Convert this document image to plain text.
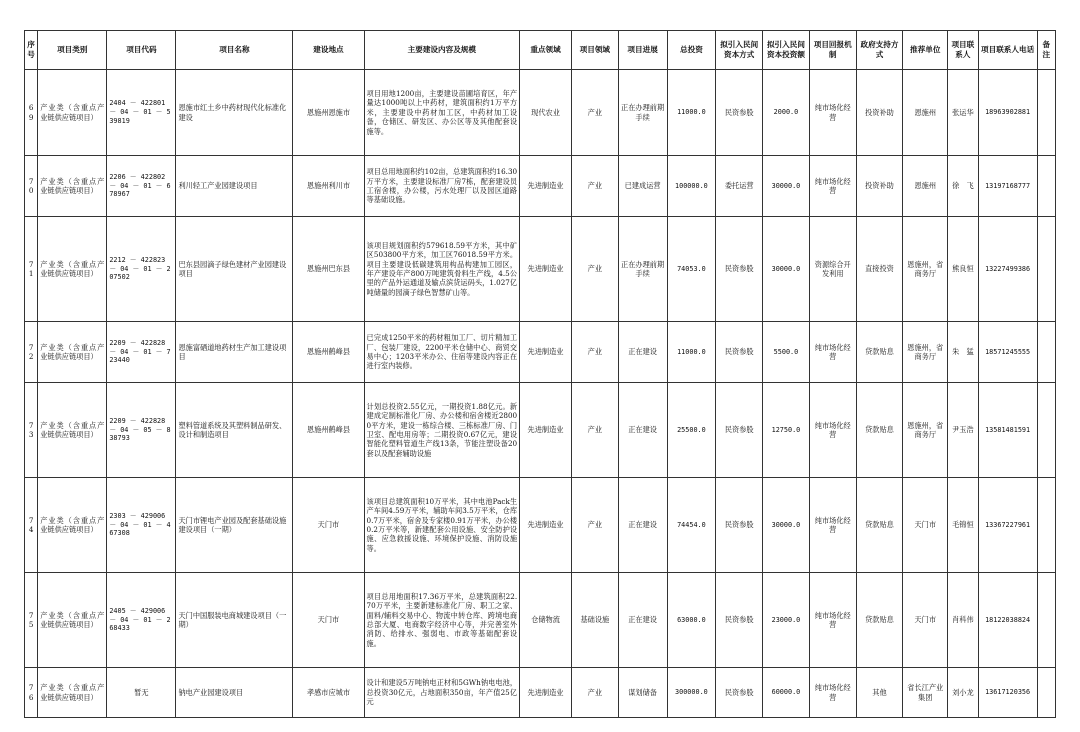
序号	项目类别	项目代码	项目名称	建设地点	主要建设内容及规模	重点领域	项目领域	项目进展	总投资	拟引入民间资本方式	拟引入民间资本投资额	项目回报机制	政府支持方式	推荐单位	项目联系人	项目联系人电话	备注
69	产业类（含重点产业链供应链项目）	2404 － 422801 － 04 － 01 － 539819	恩施市红土乡中药材现代化标准化建设	恩施州恩施市	项目用地1200亩，主要建设苗圃培育区，年产量达1000吨以上中药材，建筑面积约1万平方米，主要建设中药材加工区，中药材加工设备，仓储区、研发区、办公区等及其他配套设施等。	现代农业	产业	正在办理前期手续	11000.0	民资参股	2000.0	纯市场化经营	投资补助	恩施州	张运华	18963902881	
70	产业类（含重点产业链供应链项目）	2206 － 422802 － 04 － 01 － 678967	利川轻工产业园建设项目	恩施州利川市	项目总用地面积约102亩，总建筑面积约16.30万平方米，主要建设标准厂房7栋，配套建设员工宿舍楼，办公楼，污水处理厂以及园区道路等基础设施。	先进制造业	产业	已建成运营	100000.0	委托运营	30000.0	纯市场化经营	投资补助	恩施州	徐　飞	13197168777	
71	产业类（含重点产业链供应链项目）	2212 － 422823 － 04 － 01 － 207502	巴东县园滴子绿色建材产业园建设项目	恩施州巴东县	该项目规划面积约579618.59平方米，其中矿区503800平方米，加工区76018.59平方米。项目主要建设低碳建筑用构品构建加工园区，年产建设年产800万吨建筑骨料生产线，4.5公里的产品外运通道及输点滨货运码头，1.027亿吨储量的园滴子绿色智慧矿山等。	先进制造业	产业	正在办理前期手续	74053.0	民资参股	30000.0	资源综合开发利用	直接投资	恩施州，省商务厅	熊良恒	13227499386	
72	产业类（含重点产业链供应链项目）	2209 － 422828 － 04 － 01 － 723440	恩施富硒道地药材生产加工建设项目	恩施州鹤峰县	已完成1250平米的药材粗加工厂、切片精加工厂、包装厂建设，2200平米仓储中心、商贸交易中心；1203平米办公、住宿等建设内容正在进行室内装修。	先进制造业	产业	正在建设	11000.0	民资参股	5500.0	纯市场化经营	贷款贴息	恩施州，省商务厅	朱　猛	18571245555	
73	产业类（含重点产业链供应链项目）	2209 － 422828 － 04 － 05 － 838793	塑料管道系统及其塑料制品研发、设计和制造项目	恩施州鹤峰县	计划总投资2.55亿元，一期投资1.88亿元。新建成定制标准化厂房、办公楼和宿舍楼近28000平方米，建设一栋综合楼、三栋标准厂房、门卫室、配电用房等；二期投资0.67亿元，建设智能化塑料管道生产线13条，节能注塑设备20套以及配套辅助设施	先进制造业	产业	正在建设	25500.0	民资参股	12750.0	纯市场化经营	贷款贴息	恩施州，省商务厅	尹玉浩	13581481591	
74	产业类（含重点产业链供应链项目）	2303 － 429006 － 04 － 01 － 467308	天门市锂电产业园及配套基础设施建设项目（一期）	天门市	该项目总建筑面积10万平米，其中电池Pack生产车间4.59万平米，辅助车间3.5万平米，仓库0.7万平米，宿舍及专家楼0.91万平米，办公楼0.2万平米等，新建配套公用设施、安全防护设施、应急救援设施、环境保护设施、消防设施等。	先进制造业	产业	正在建设	74454.0	民资参股	30000.0	纯市场化经营	贷款贴息	天门市	毛锦恒	13367227961	
75	产业类（含重点产业链供应链项目）	2405 － 429006 － 04 － 01 － 268433	天门中国服装电商城建设项目（一期）	天门市	项目总用地面积17.36万平米，总建筑面积22.70万平米，主要新建标准化厂房、职工之家、面料/辅料交易中心、物流中转仓库、跨境电商总部大厦、电商数字经济中心等，并完善室外消防、给排水、强弱电、市政等基础配套设施。	仓储物流	基础设施	正在建设	63000.0	民资参股	23000.0	纯市场化经营	贷款贴息	天门市	肖科伟	18122038824	
76	产业类（含重点产业链供应链项目）	暂无	钠电产业园建设项目	孝感市应城市	设计和建设5万吨钠电正材和5GWh钠电电池，总投资30亿元，占地面积350亩，年产值25亿元	先进制造业	产业	谋划储备	300000.0	民资参股	60000.0	纯市场化经营	其他	省长江产业集团	刘小龙	13617120356	
